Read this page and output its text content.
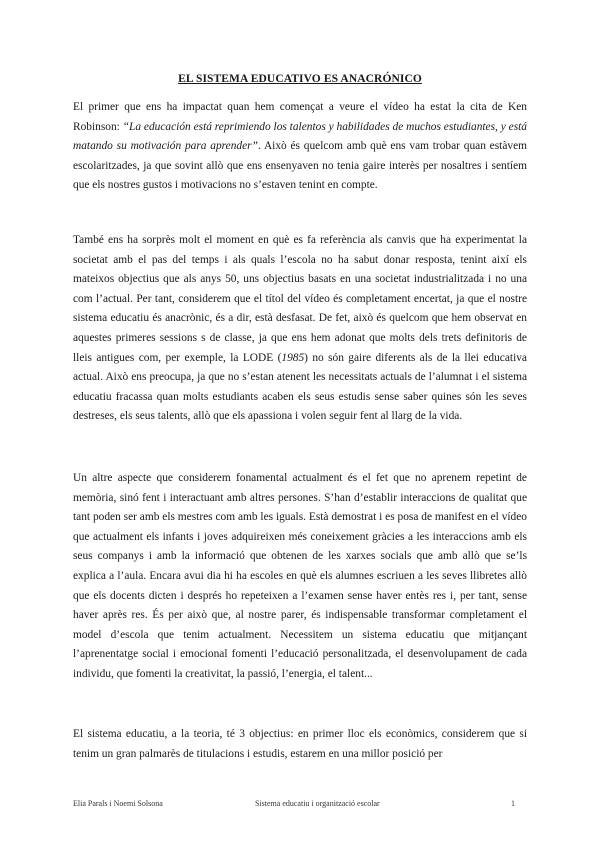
EL SISTEMA EDUCATIVO ES ANACRÓNICO

El primer que ens ha impactat quan hem començat a veure el vídeo ha estat la cita de Ken Robinson: “La educación está reprimiendo los talentos y habilidades de muchos estudiantes, y está matando su motivación para aprender”. Això és quelcom amb què ens vam trobar quan estàvem escolaritzades, ja que sovint allò que ens ensenyaven no tenia gaire interès per nosaltres i sentíem que els nostres gustos i motivacions no s’estaven tenint en compte.

També ens ha sorprès molt el moment en què es fa referència als canvis que ha experimentat la societat amb el pas del temps i als quals l’escola no ha sabut donar resposta, tenint així els mateixos objectius que als anys 50, uns objectius basats en una societat industrialitzada i no una com l’actual. Per tant, considerem que el títol del vídeo és completament encertat, ja que el nostre sistema educatiu és anacrònic, és a dir, està desfasat. De fet, això és quelcom que hem observat en aquestes primeres sessions s de classe, ja que ens hem adonat que molts dels trets definitoris de lleis antigues com, per exemple, la LODE (1985) no són gaire diferents als de la llei educativa actual. Això ens preocupa, ja que no s’estan atenent les necessitats actuals de l’alumnat i el sistema educatiu fracassa quan molts estudiants acaben els seus estudis sense saber quines són les seves destreses, els seus talents, allò que els apassiona i volen seguir fent al llarg de la vida.

Un altre aspecte que considerem fonamental actualment és el fet que no aprenem repetint de memòria, sinó fent i interactuant amb altres persones. S’han d’establir interaccions de qualitat que tant poden ser amb els mestres com amb les iguals. Està demostrat i es posa de manifest en el vídeo que actualment els infants i joves adquireixen més coneixement gràcies a les interaccions amb els seus companys i amb la informació que obtenen de les xarxes socials que amb allò que se’ls explica a l’aula. Encara avui dia hi ha escoles en què els alumnes escriuen a les seves llibretes allò que els docents dicten i després ho repeteixen a l’examen sense haver entès res i, per tant, sense haver après res. És per això que, al nostre parer, és indispensable transformar completament el model d’escola que tenim actualment. Necessitem un sistema educatiu que mitjançant l’aprenentatge social i emocional fomenti l’educació personalitzada, el desenvolupament de cada individu, que fomenti la creativitat, la passió, l’energia, el talent...

El sistema educatiu, a la teoria, té 3 objectius: en primer lloc els econòmics, considerem que si tenim un gran palmarès de titulacions i estudis, estarem en una millor posició per

Elia Parals i Noemi Solsona	Sistema educatiu i organització escolar	1
